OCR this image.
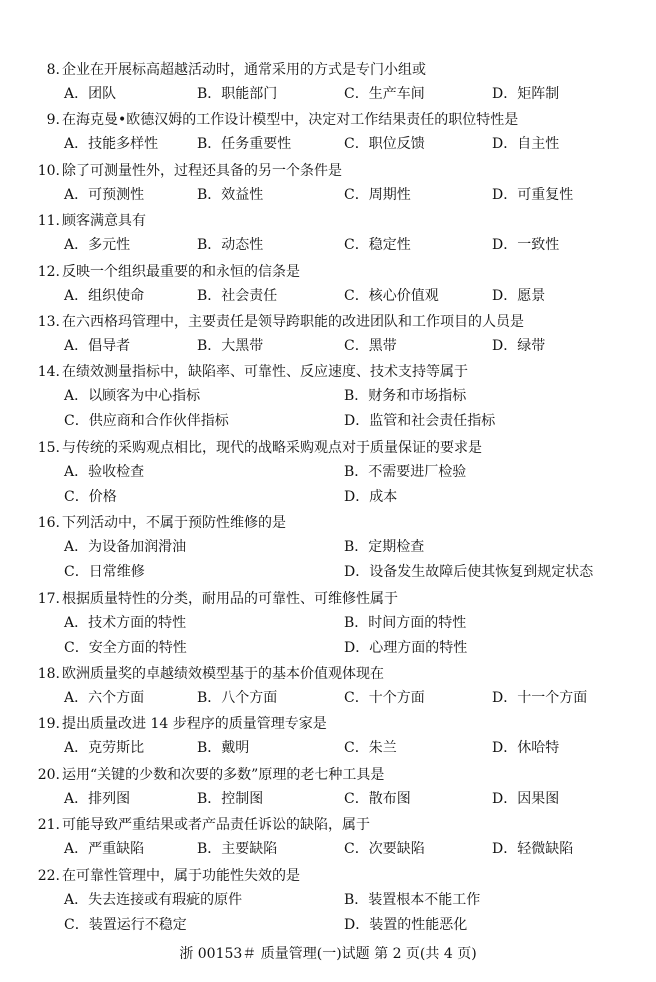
8. 企业在开展标高超越活动时，通常采用的方式是专门小组或
A．团队	B．职能部门	C．生产车间	D．矩阵制
9. 在海克曼•欧德汉姆的工作设计模型中，决定对工作结果责任的职位特性是
A．技能多样性	B．任务重要性	C．职位反馈	D．自主性
10. 除了可测量性外，过程还具备的另一个条件是
A．可预测性	B．效益性	C．周期性	D．可重复性
11. 顾客满意具有
A．多元性	B．动态性	C．稳定性	D．一致性
12. 反映一个组织最重要的和永恒的信条是
A．组织使命	B．社会责任	C．核心价值观	D．愿景
13. 在六西格玛管理中，主要责任是领导跨职能的改进团队和工作项目的人员是
A．倡导者	B．大黑带	C．黑带	D．绿带
14. 在绩效测量指标中，缺陷率、可靠性、反应速度、技术支持等属于
A．以顾客为中心指标	B．财务和市场指标
C．供应商和合作伙伴指标	D．监管和社会责任指标
15. 与传统的采购观点相比，现代的战略采购观点对于质量保证的要求是
A．验收检查	B．不需要进厂检验
C．价格	D．成本
16. 下列活动中，不属于预防性维修的是
A．为设备加润滑油	B．定期检查
C．日常维修	D．设备发生故障后使其恢复到规定状态
17. 根据质量特性的分类，耐用品的可靠性、可维修性属于
A．技术方面的特性	B．时间方面的特性
C．安全方面的特性	D．心理方面的特性
18. 欧洲质量奖的卓越绩效模型基于的基本价值观体现在
A．六个方面	B．八个方面	C．十个方面	D．十一个方面
19. 提出质量改进 14 步程序的质量管理专家是
A．克劳斯比	B．戴明	C．朱兰	D．休哈特
20. 运用“关键的少数和次要的多数”原理的老七种工具是
A．排列图	B．控制图	C．散布图	D．因果图
21. 可能导致严重结果或者产品责任诉讼的缺陷，属于
A．严重缺陷	B．主要缺陷	C．次要缺陷	D．轻微缺陷
22. 在可靠性管理中，属于功能性失效的是
A．失去连接或有瑕疵的原件	B．装置根本不能工作
C．装置运行不稳定	D．装置的性能恶化
浙 00153＃ 质量管理(一)试题 第 2 页(共 4 页)
